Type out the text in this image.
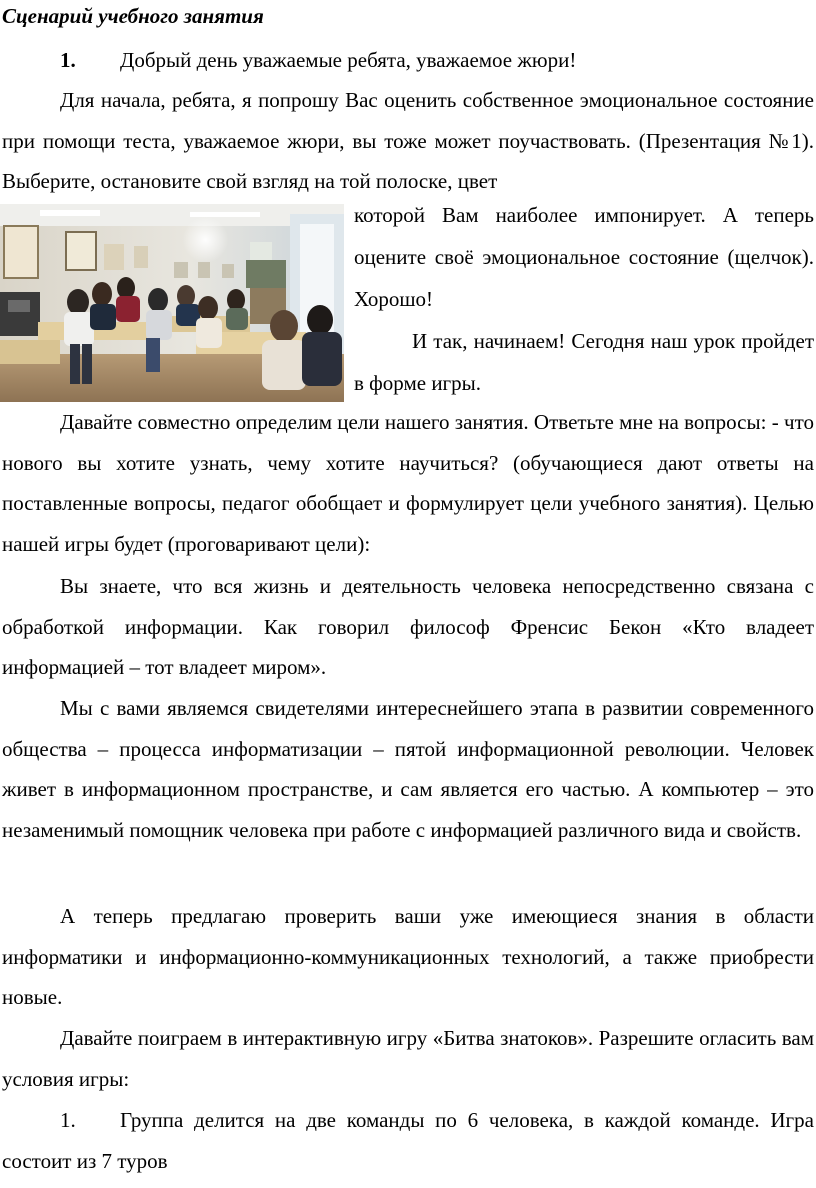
Сценарий учебного занятия

1. Добрый день уважаемые ребята, уважаемое жюри!

Для начала, ребята, я попрошу Вас оценить собственное эмоциональное состояние при помощи теста, уважаемое жюри, вы тоже может поучаствовать. (Презентация №1). Выберите, остановите свой взгляд на той полоске, цвет

которой Вам наиболее импонирует. А теперь оцените своё эмоциональное состояние (щелчок). Хорошо!

И так, начинаем! Сегодня наш урок пройдет в форме игры.

Давайте совместно определим цели нашего занятия. Ответьте мне на вопросы: - что нового вы хотите узнать, чему хотите научиться? (обучающиеся дают ответы на поставленные вопросы, педагог обобщает и формулирует цели учебного занятия). Целью нашей игры будет (проговаривают цели):

Вы знаете, что вся жизнь и деятельность человека непосредственно связана с обработкой информации. Как говорил философ Френсис Бекон «Кто владеет информацией – тот владеет миром».

Мы с вами являемся свидетелями интереснейшего этапа в развитии современного общества – процесса информатизации – пятой информационной революции. Человек живет в информационном пространстве, и сам является его частью. А компьютер – это незаменимый помощник человека при работе с информацией различного вида и свойств.

А теперь предлагаю проверить ваши уже имеющиеся знания в области информатики и информационно-коммуникационных технологий, а также приобрести новые.

Давайте поиграем в интерактивную игру «Битва знатоков». Разрешите огласить вам условия игры:

1. Группа делится на две команды по 6 человека, в каждой команде. Игра состоит из 7 туров
